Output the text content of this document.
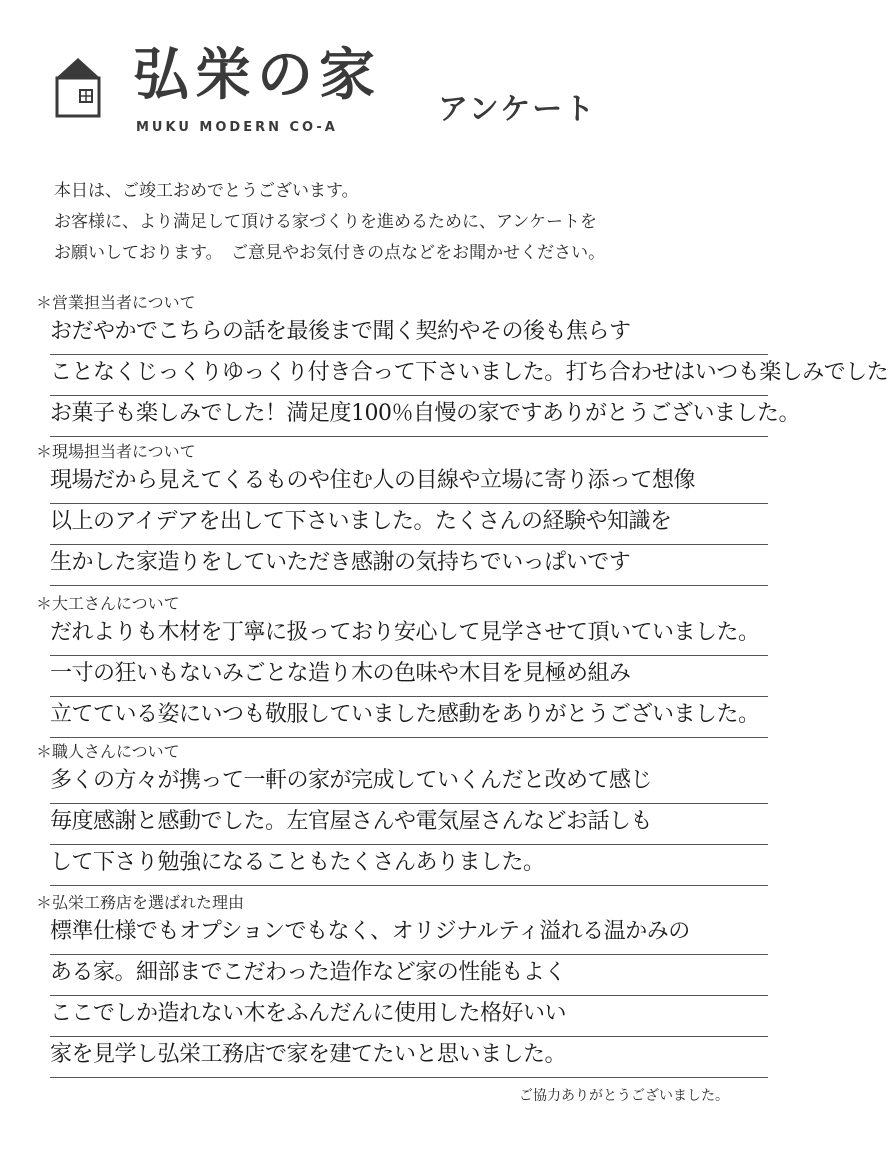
弘栄の家
MUKU MODERN CO-A
アンケート
本日は、ご竣工おめでとうございます。
お客様に、より満足して頂ける家づくりを進めるために、アンケートを
お願いしております。　ご意見やお気付きの点などをお聞かせください。
＊営業担当者について
おだやかでこちらの話を最後まで聞く契約やその後も焦らす
ことなくじっくりゆっくり付き合って下さいました。打ち合わせはいつも楽しみでした
お菓子も楽しみでした！満足度100％自慢の家ですありがとうございました。
＊現場担当者について
現場だから見えてくるものや住む人の目線や立場に寄り添って想像
以上のアイデアを出して下さいました。たくさんの経験や知識を
生かした家造りをしていただき感謝の気持ちでいっぱいです
＊大工さんについて
だれよりも木材を丁寧に扱っており安心して見学させて頂いていました。
一寸の狂いもないみごとな造り木の色味や木目を見極め組み
立てている姿にいつも敬服していました感動をありがとうございました。
＊職人さんについて
多くの方々が携って一軒の家が完成していくんだと改めて感じ
毎度感謝と感動でした。左官屋さんや電気屋さんなどお話しも
して下さり勉強になることもたくさんありました。
＊弘栄工務店を選ばれた理由
標準仕様でもオプションでもなく、オリジナルティ溢れる温かみの
ある家。細部までこだわった造作など家の性能もよく
ここでしか造れない木をふんだんに使用した格好いい
家を見学し弘栄工務店で家を建てたいと思いました。
ご協力ありがとうございました。
